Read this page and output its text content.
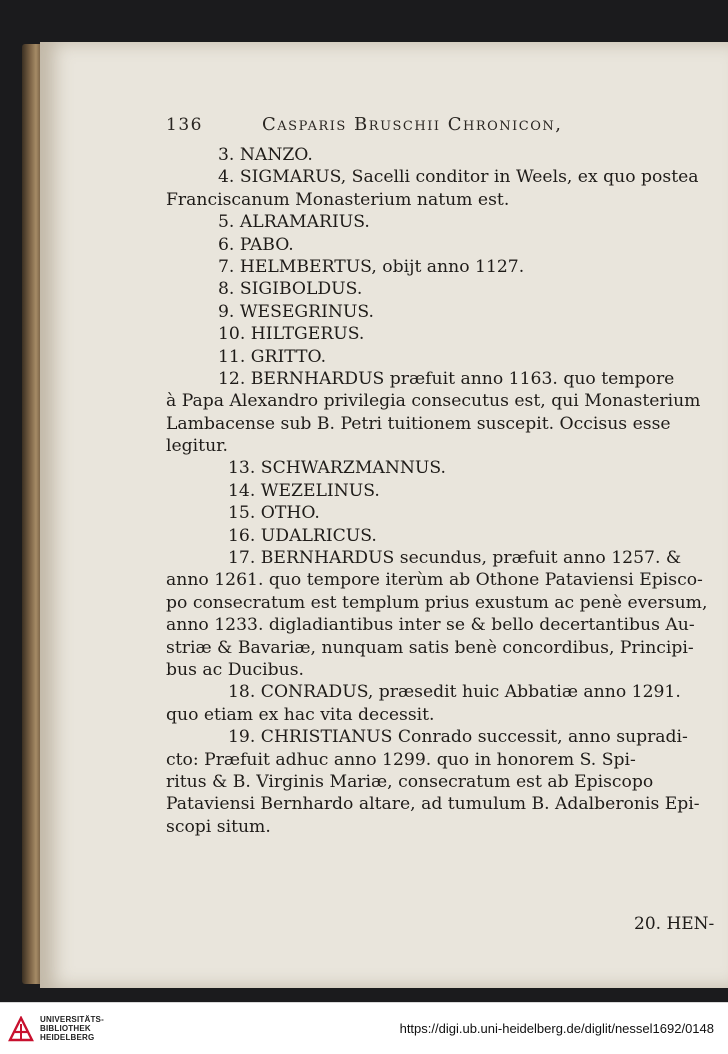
136	Casparis Bruschii Chronicon,
3. NANZO.
4. SIGMARUS, Sacelli conditor in Weels, ex quo postea
Franciscanum Monasterium natum est.
5. ALRAMARIUS.
6. PABO.
7. HELMBERTUS, obijt anno 1127.
8. SIGIBOLDUS.
9. WESEGRINUS.
10. HILTGERUS.
11. GRITTO.
12. BERNHARDUS præfuit anno 1163. quo tempore
à Papa Alexandro privilegia consecutus est, qui Monasterium
Lambacense sub B. Petri tuitionem suscepit. Occisus esse
legitur.
13. SCHWARZMANNUS.
14. WEZELINUS.
15. OTHO.
16. UDALRICUS.
17. BERNHARDUS secundus, præfuit anno 1257. &
anno 1261. quo tempore iterùm ab Othone Pataviensi Episco-
po consecratum est templum prius exustum ac penè eversum,
anno 1233. digladiantibus inter se & bello decertantibus Au-
striæ & Bavariæ, nunquam satis benè concordibus, Principi-
bus ac Ducibus.
18. CONRADUS, præsedit huic Abbatiæ anno 1291.
quo etiam ex hac vita decessit.
19. CHRISTIANUS Conrado successit, anno supradi-
cto: Præfuit adhuc anno 1299. quo in honorem S. Spi-
ritus & B. Virginis Mariæ, consecratum est ab Episcopo
Pataviensi Bernhardo altare, ad tumulum B. Adalberonis Epi-
scopi situm.
20. HEN-
UNIVERSITÄTS-
BIBLIOTHEK
HEIDELBERG
https://digi.ub.uni-heidelberg.de/diglit/nessel1692/0148
